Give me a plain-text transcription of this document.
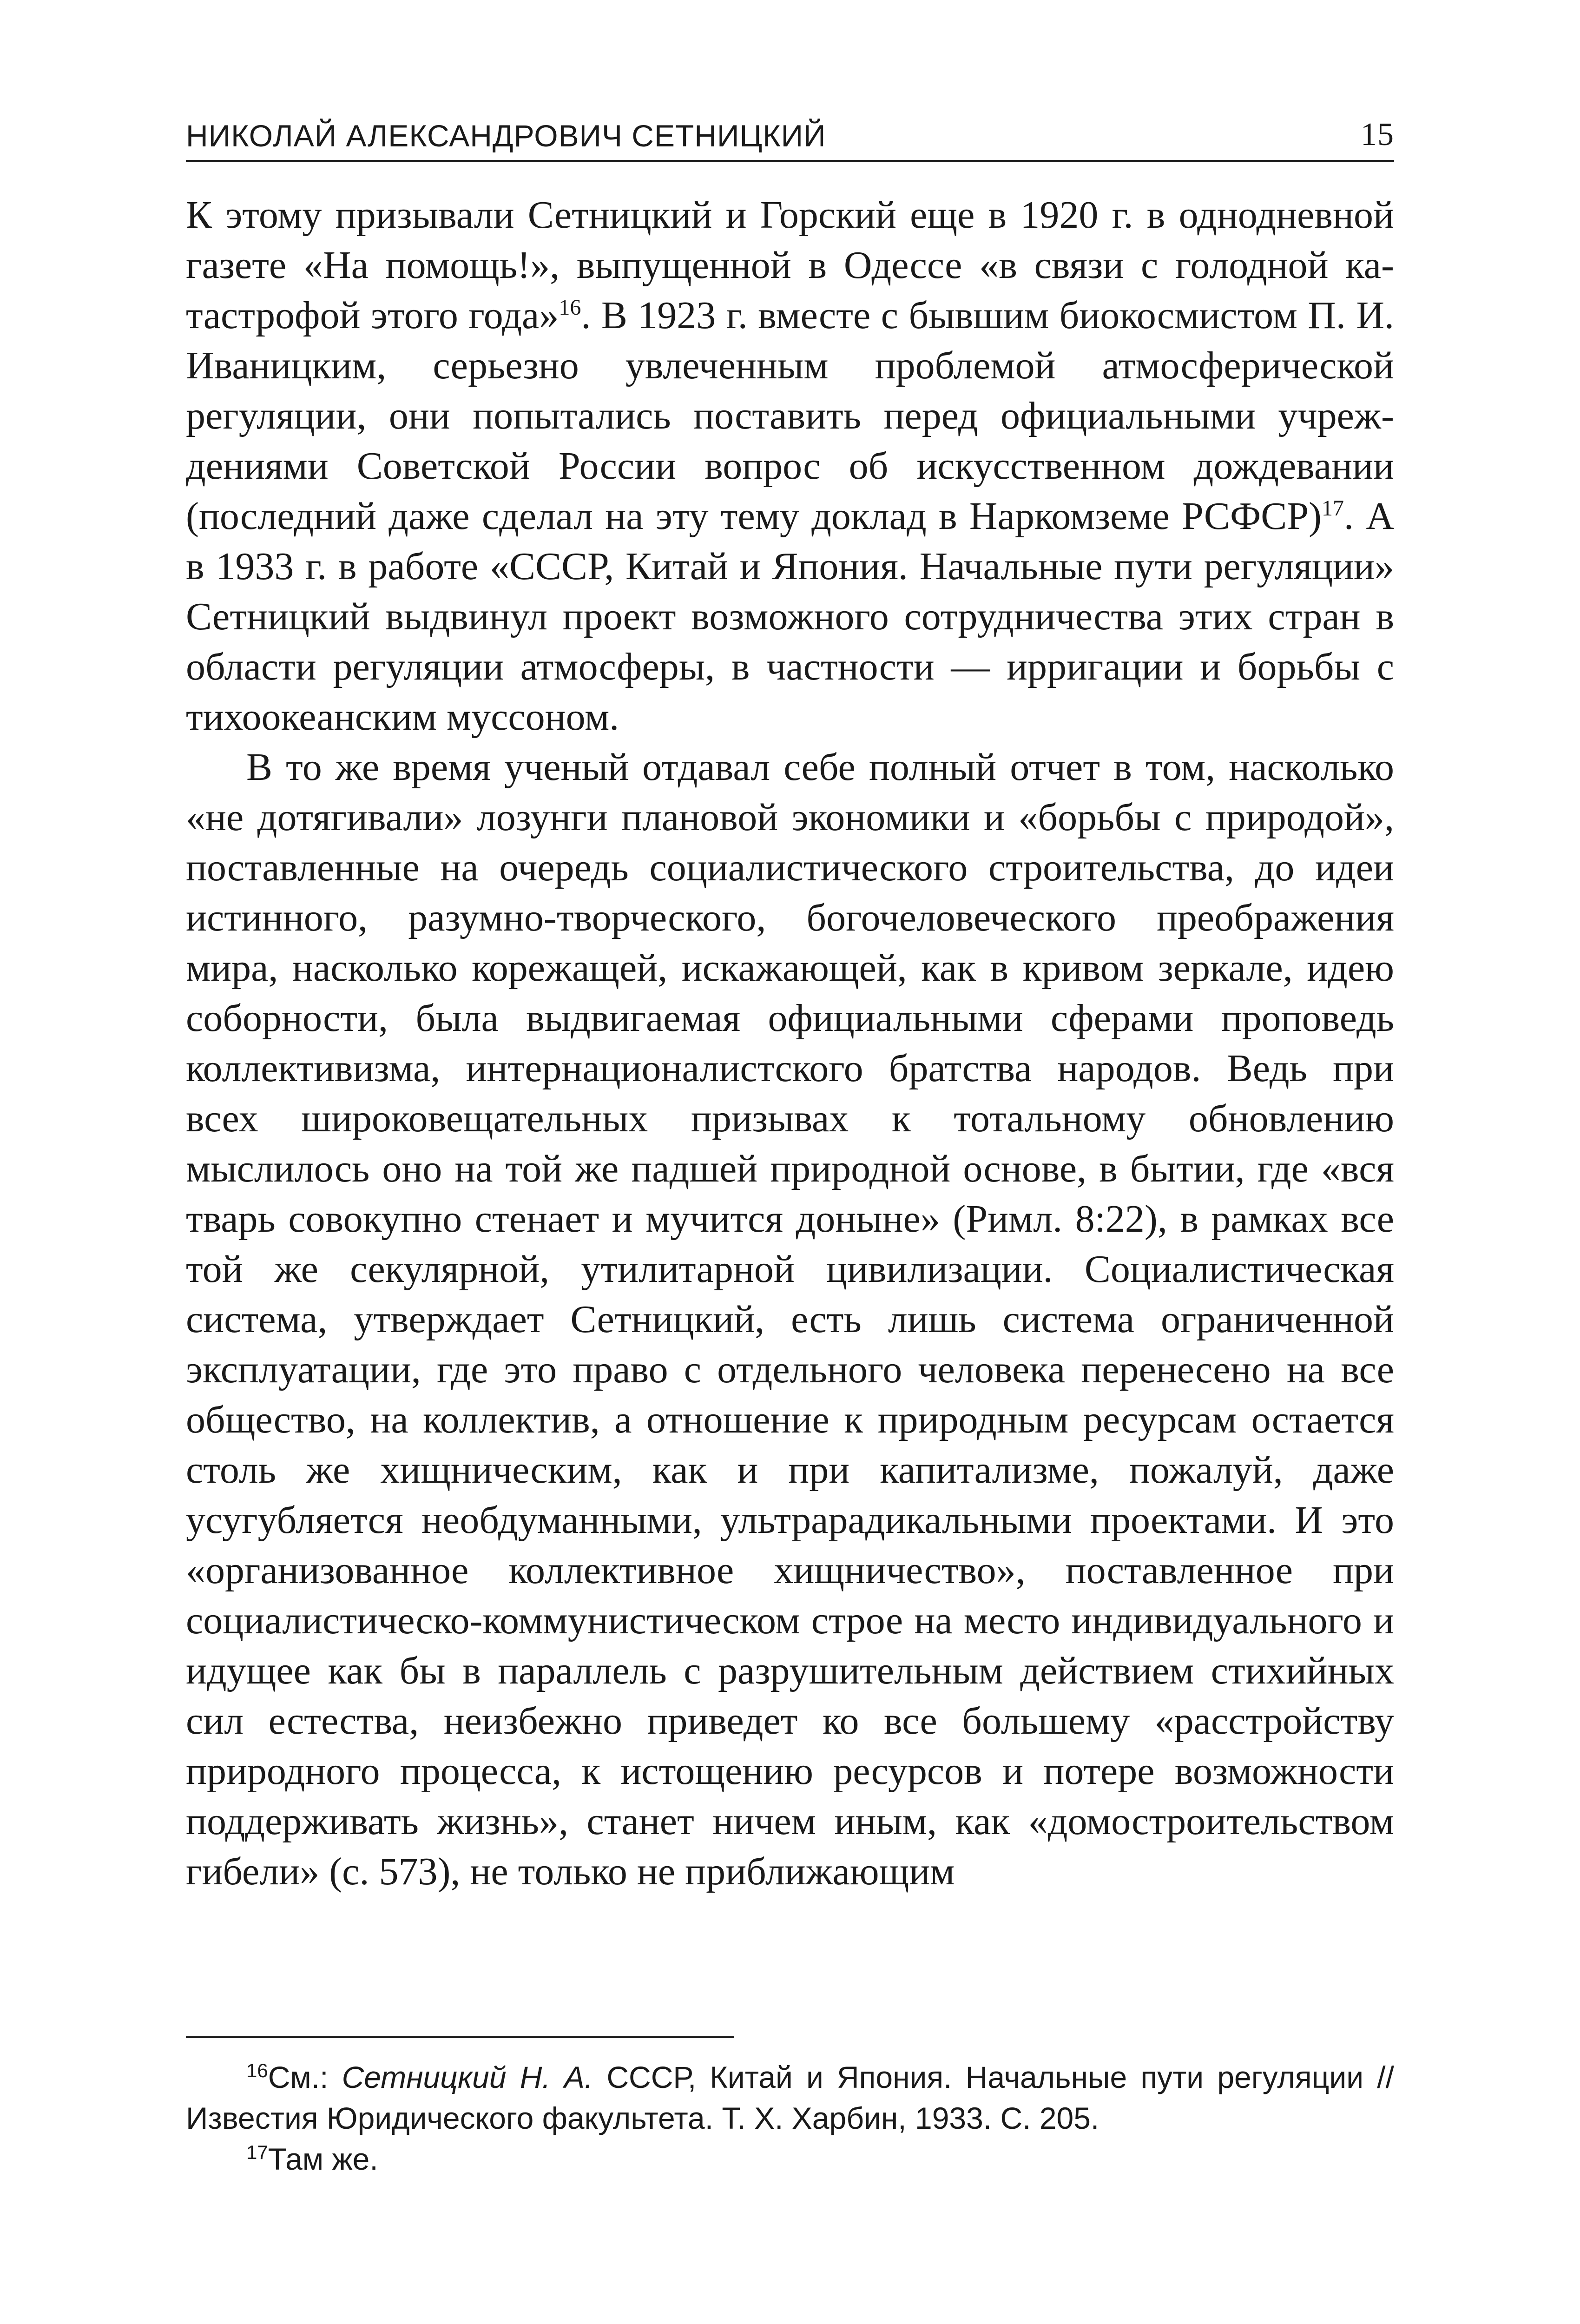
НИКОЛАЙ АЛЕКСАНДРОВИЧ СЕТНИЦКИЙ	15

К этому призывали Сетницкий и Горский еще в 1920 г. в однодневной газете «На помощь!», выпущенной в Одессе «в связи с голодной катастрофой этого года»$^{16}$. В 1923 г. вместе с бывшим биокосмистом П. И. Иваницким, серьезно увлеченным проблемой атмосферической регуляции, они попытались поставить перед официальными учреждениями Советской России вопрос об искусственном дождевании (последний даже сделал на эту тему доклад в Наркомземе РСФСР)$^{17}$. А в 1933 г. в работе «СССР, Китай и Япония. Начальные пути регуляции» Сетницкий выдвинул проект возможного сотрудничества этих стран в области регуляции атмосферы, в частности — ирригации и борьбы с тихоокеанским муссоном.

В то же время ученый отдавал себе полный отчет в том, насколько «не дотягивали» лозунги плановой экономики и «борьбы с природой», поставленные на очередь социалистического строительства, до идеи истинного, разумно-творческого, богочеловеческого преображения мира, насколько корежащей, искажающей, как в кривом зеркале, идею соборности, была выдвигаемая официальными сферами проповедь коллективизма, интернационалистского братства народов. Ведь при всех широковещательных призывах к тотальному обновлению мыслилось оно на той же падшей природной основе, в бытии, где «вся тварь совокупно стенает и мучится доныне» (Римл. 8:22), в рамках все той же секулярной, утилитарной цивилизации. Социалистическая система, утверждает Сетницкий, есть лишь система ограниченной эксплуатации, где это право с отдельного человека перенесено на все общество, на коллектив, а отношение к природным ресурсам остается столь же хищническим, как и при капитализме, пожалуй, даже усугубляется необдуманными, ультрарадикальными проектами. И это «организованное коллективное хищничество», поставленное при социалистическо-коммунистическом строе на место индивидуального и идущее как бы в параллель с разрушительным действием стихийных сил естества, неизбежно приведет ко все большему «расстройству природного процесса, к истощению ресурсов и потере возможности поддерживать жизнь», станет ничем иным, как «домостроительством гибели» (с. 573), не только не приближающим

$^{16}$См.: Сетницкий Н. А. СССР, Китай и Япония. Начальные пути регуляции // Известия Юридического факультета. Т. X. Харбин, 1933. С. 205.

$^{17}$Там же.
